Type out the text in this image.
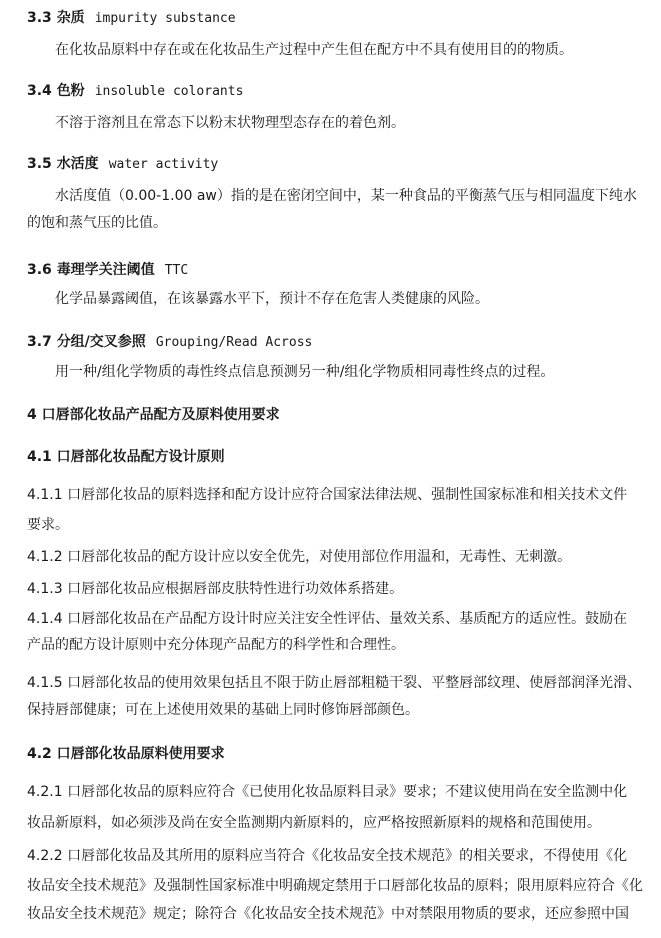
3.3 杂质 impurity substance
在化妆品原料中存在或在化妆品生产过程中产生但在配方中不具有使用目的的物质。
3.4 色粉 insoluble colorants
不溶于溶剂且在常态下以粉末状物理型态存在的着色剂。
3.5 水活度 water activity
水活度值（0.00-1.00 aw）指的是在密闭空间中，某一种食品的平衡蒸气压与相同温度下纯水
的饱和蒸气压的比值。
3.6 毒理学关注阈值 TTC
化学品暴露阈值，在该暴露水平下，预计不存在危害人类健康的风险。
3.7 分组/交叉参照 Grouping/Read Across
用一种/组化学物质的毒性终点信息预测另一种/组化学物质相同毒性终点的过程。
4 口唇部化妆品产品配方及原料使用要求
4.1 口唇部化妆品配方设计原则
4.1.1 口唇部化妆品的原料选择和配方设计应符合国家法律法规、强制性国家标准和相关技术文件
要求。
4.1.2 口唇部化妆品的配方设计应以安全优先，对使用部位作用温和，无毒性、无刺激。
4.1.3 口唇部化妆品应根据唇部皮肤特性进行功效体系搭建。
4.1.4 口唇部化妆品在产品配方设计时应关注安全性评估、量效关系、基质配方的适应性。鼓励在
产品的配方设计原则中充分体现产品配方的科学性和合理性。
4.1.5 口唇部化妆品的使用效果包括且不限于防止唇部粗糙干裂、平整唇部纹理、使唇部润泽光滑、
保持唇部健康；可在上述使用效果的基础上同时修饰唇部颜色。
4.2 口唇部化妆品原料使用要求
4.2.1 口唇部化妆品的原料应符合《已使用化妆品原料目录》要求；不建议使用尚在安全监测中化
妆品新原料，如必须涉及尚在安全监测期内新原料的，应严格按照新原料的规格和范围使用。
4.2.2 口唇部化妆品及其所用的原料应当符合《化妆品安全技术规范》的相关要求，不得使用《化
妆品安全技术规范》及强制性国家标准中明确规定禁用于口唇部化妆品的原料；限用原料应符合《化
妆品安全技术规范》规定；除符合《化妆品安全技术规范》中对禁限用物质的要求，还应参照中国
